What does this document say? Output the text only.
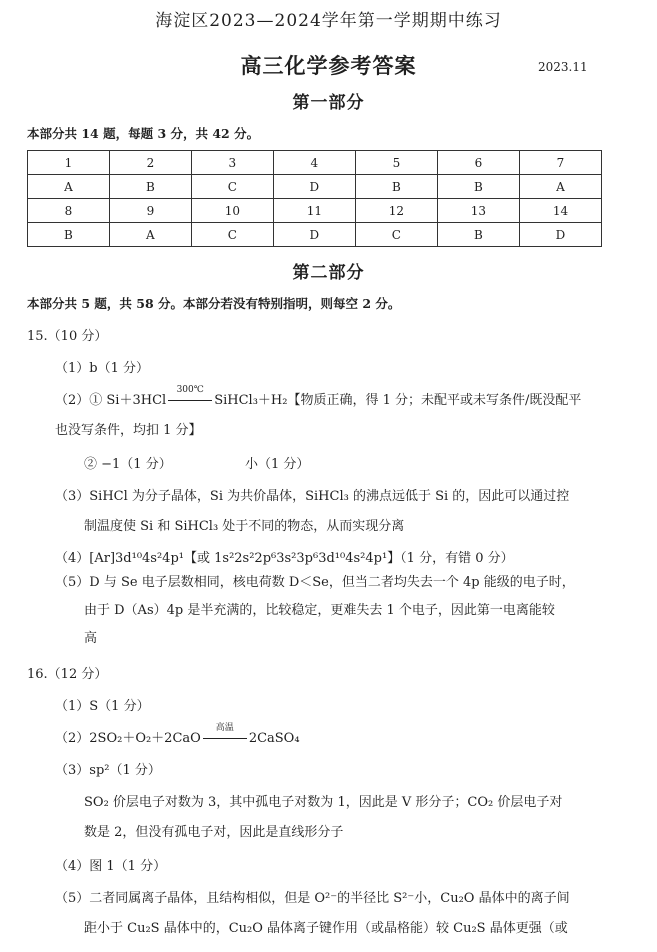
海淀区2023—2024学年第一学期期中练习
高三化学参考答案	2023.11
第一部分
本部分共 14 题，每题 3 分，共 42 分。
1	2	3	4	5	6	7
A	B	C	D	B	B	A
8	9	10	11	12	13	14
B	A	C	D	C	B	D
第二部分
本部分共 5 题，共 58 分。本部分若没有特别指明，则每空 2 分。
15.（10 分）
（1）b（1 分）
（2）① Si＋3HCl
300℃
SiHCl₃＋H₂【物质正确，得 1 分；未配平或未写条件/既没配平
也没写条件，均扣 1 分】
② −1（1 分）	小（1 分）
（3）SiHCl 为分子晶体，Si 为共价晶体，SiHCl₃ 的沸点远低于 Si 的，因此可以通过控
制温度使 Si 和 SiHCl₃ 处于不同的物态，从而实现分离
（4）[Ar]3d¹⁰4s²4p¹【或 1s²2s²2p⁶3s²3p⁶3d¹⁰4s²4p¹】（1 分，有错 0 分）
（5）D 与 Se 电子层数相同，核电荷数 D＜Se，但当二者均失去一个 4p 能级的电子时，
由于 D（As）4p 是半充满的，比较稳定，更难失去 1 个电子，因此第一电离能较
高
16.（12 分）
（1）S（1 分）
（2）2SO₂＋O₂＋2CaO
高温
2CaSO₄
（3）sp²（1 分）
SO₂ 价层电子对数为 3，其中孤电子对数为 1，因此是 V 形分子；CO₂ 价层电子对
数是 2，但没有孤电子对，因此是直线形分子
（4）图 1（1 分）
（5）二者同属离子晶体，且结构相似，但是 O²⁻的半径比 S²⁻小，Cu₂O 晶体中的离子间
距小于 Cu₂S 晶体中的，Cu₂O 晶体离子键作用（或晶格能）较 Cu₂S 晶体更强（或
